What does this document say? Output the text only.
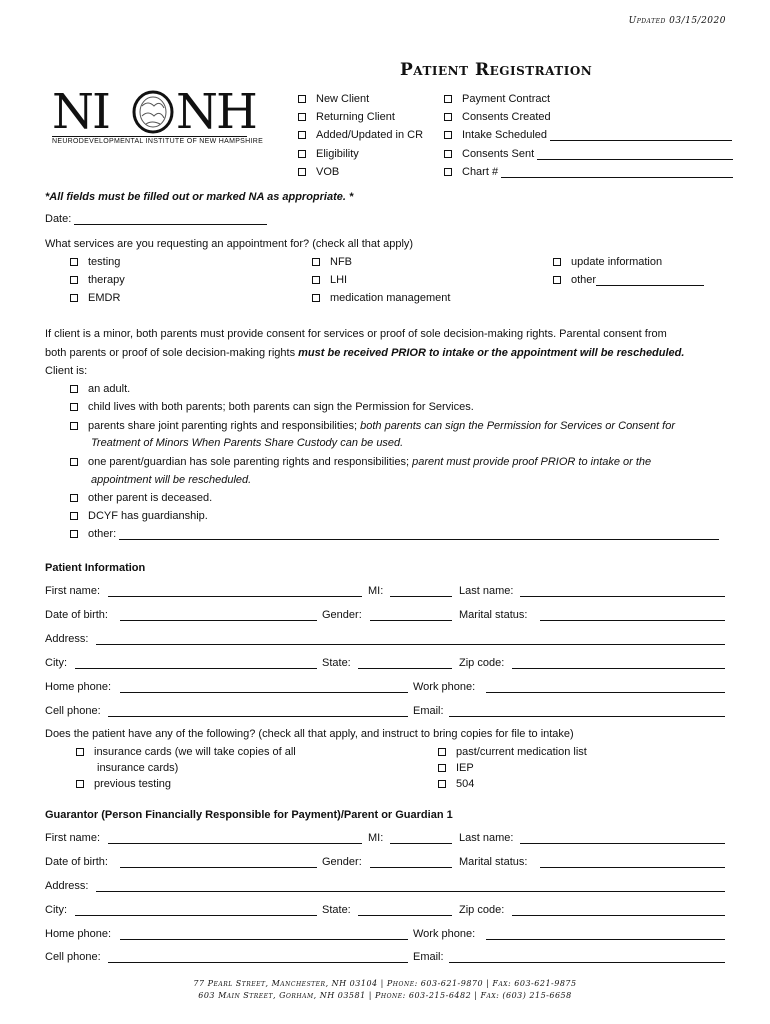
Updated 03/15/2020
Patient Registration
NI NH
NEURODEVELOPMENTAL INSTITUTE OF NEW HAMPSHIRE
New Client
Returning Client
Added/Updated in CR
Eligibility
VOB
Payment Contract
Consents Created
Intake Scheduled
Consents Sent
Chart #
*All fields must be filled out or marked NA as appropriate. *
Date:
What services are you requesting an appointment for? (check all that apply)
testing
therapy
EMDR
NFB
LHI
medication management
update information
other
If client is a minor, both parents must provide consent for services or proof of sole decision-making rights. Parental consent from
both parents or proof of sole decision-making rights must be received PRIOR to intake or the appointment will be rescheduled.
Client is:
an adult.
child lives with both parents; both parents can sign the Permission for Services.
parents share joint parenting rights and responsibilities; both parents can sign the Permission for Services or Consent for
Treatment of Minors When Parents Share Custody can be used.
one parent/guardian has sole parenting rights and responsibilities; parent must provide proof PRIOR to intake or the
appointment will be rescheduled.
other parent is deceased.
DCYF has guardianship.
other:
Patient Information
First name:	MI:	Last name:
Date of birth:	Gender:	Marital status:
Address:
City:	State:	Zip code:
Home phone:	Work phone:
Cell phone:	Email:
Does the patient have any of the following? (check all that apply, and instruct to bring copies for file to intake)
insurance cards (we will take copies of all
insurance cards)
previous testing
past/current medication list
IEP
504
Guarantor (Person Financially Responsible for Payment)/Parent or Guardian 1
First name:	MI:	Last name:
Date of birth:	Gender:	Marital status:
Address:
City:	State:	Zip code:
Home phone:	Work phone:
Cell phone:	Email:
77 Pearl Street, Manchester, NH 03104 | Phone: 603-621-9870 | Fax: 603-621-9875
603 Main Street, Gorham, NH 03581 | Phone: 603-215-6482 | Fax: (603) 215-6658
